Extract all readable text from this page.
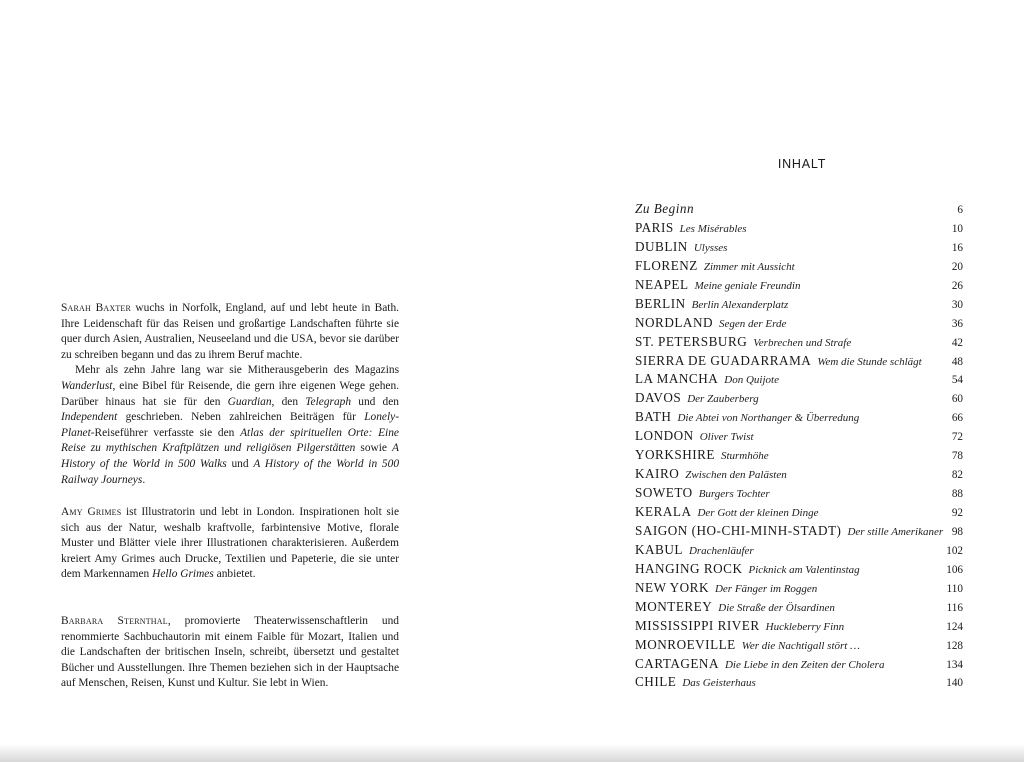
Sarah Baxter wuchs in Norfolk, England, auf und lebt heute in Bath. Ihre Leidenschaft für das Reisen und großartige Landschaften führte sie quer durch Asien, Australien, Neuseeland und die USA, bevor sie darüber zu schreiben begann und das zu ihrem Beruf machte.

Mehr als zehn Jahre lang war sie Mitherausgeberin des Magazins Wanderlust, eine Bibel für Reisende, die gern ihre eigenen Wege gehen. Darüber hinaus hat sie für den Guardian, den Telegraph und den Independent geschrieben. Neben zahlreichen Beiträgen für Lonely-Planet-Reiseführer verfasste sie den Atlas der spirituellen Orte: Eine Reise zu mythischen Kraftplätzen und religiösen Pilgerstätten sowie A History of the World in 500 Walks und A History of the World in 500 Railway Journeys.

Amy Grimes ist Illustratorin und lebt in London. Inspirationen holt sie sich aus der Natur, weshalb kraftvolle, farbintensive Motive, florale Muster und Blätter viele ihrer Illustrationen charakterisieren. Außerdem kreiert Amy Grimes auch Drucke, Textilien und Papeterie, die sie unter dem Markennamen Hello Grimes anbietet.

Barbara Sternthal, promovierte Theaterwissenschaftlerin und renommierte Sachbuchautorin mit einem Faible für Mozart, Italien und die Landschaften der britischen Inseln, schreibt, übersetzt und gestaltet Bücher und Ausstellungen. Ihre Themen beziehen sich in der Hauptsache auf Menschen, Reisen, Kunst und Kultur. Sie lebt in Wien.

INHALT
Zu Beginn	6
PARIS Les Misérables	10
DUBLIN Ulysses	16
FLORENZ Zimmer mit Aussicht	20
NEAPEL Meine geniale Freundin	26
BERLIN Berlin Alexanderplatz	30
NORDLAND Segen der Erde	36
ST. PETERSBURG Verbrechen und Strafe	42
SIERRA DE GUADARRAMA Wem die Stunde schlägt	48
LA MANCHA Don Quijote	54
DAVOS Der Zauberberg	60
BATH Die Abtei von Northanger & Überredung	66
LONDON Oliver Twist	72
YORKSHIRE Sturmhöhe	78
KAIRO Zwischen den Palästen	82
SOWETO Burgers Tochter	88
KERALA Der Gott der kleinen Dinge	92
SAIGON (HO-CHI-MINH-STADT) Der stille Amerikaner 98
KABUL Drachenläufer	102
HANGING ROCK Picknick am Valentinstag	106
NEW YORK Der Fänger im Roggen	110
MONTEREY Die Straße der Ölsardinen	116
MISSISSIPPI RIVER Huckleberry Finn	124
MONROEVILLE Wer die Nachtigall stört …	128
CARTAGENA Die Liebe in den Zeiten der Cholera	134
CHILE Das Geisterhaus	140
